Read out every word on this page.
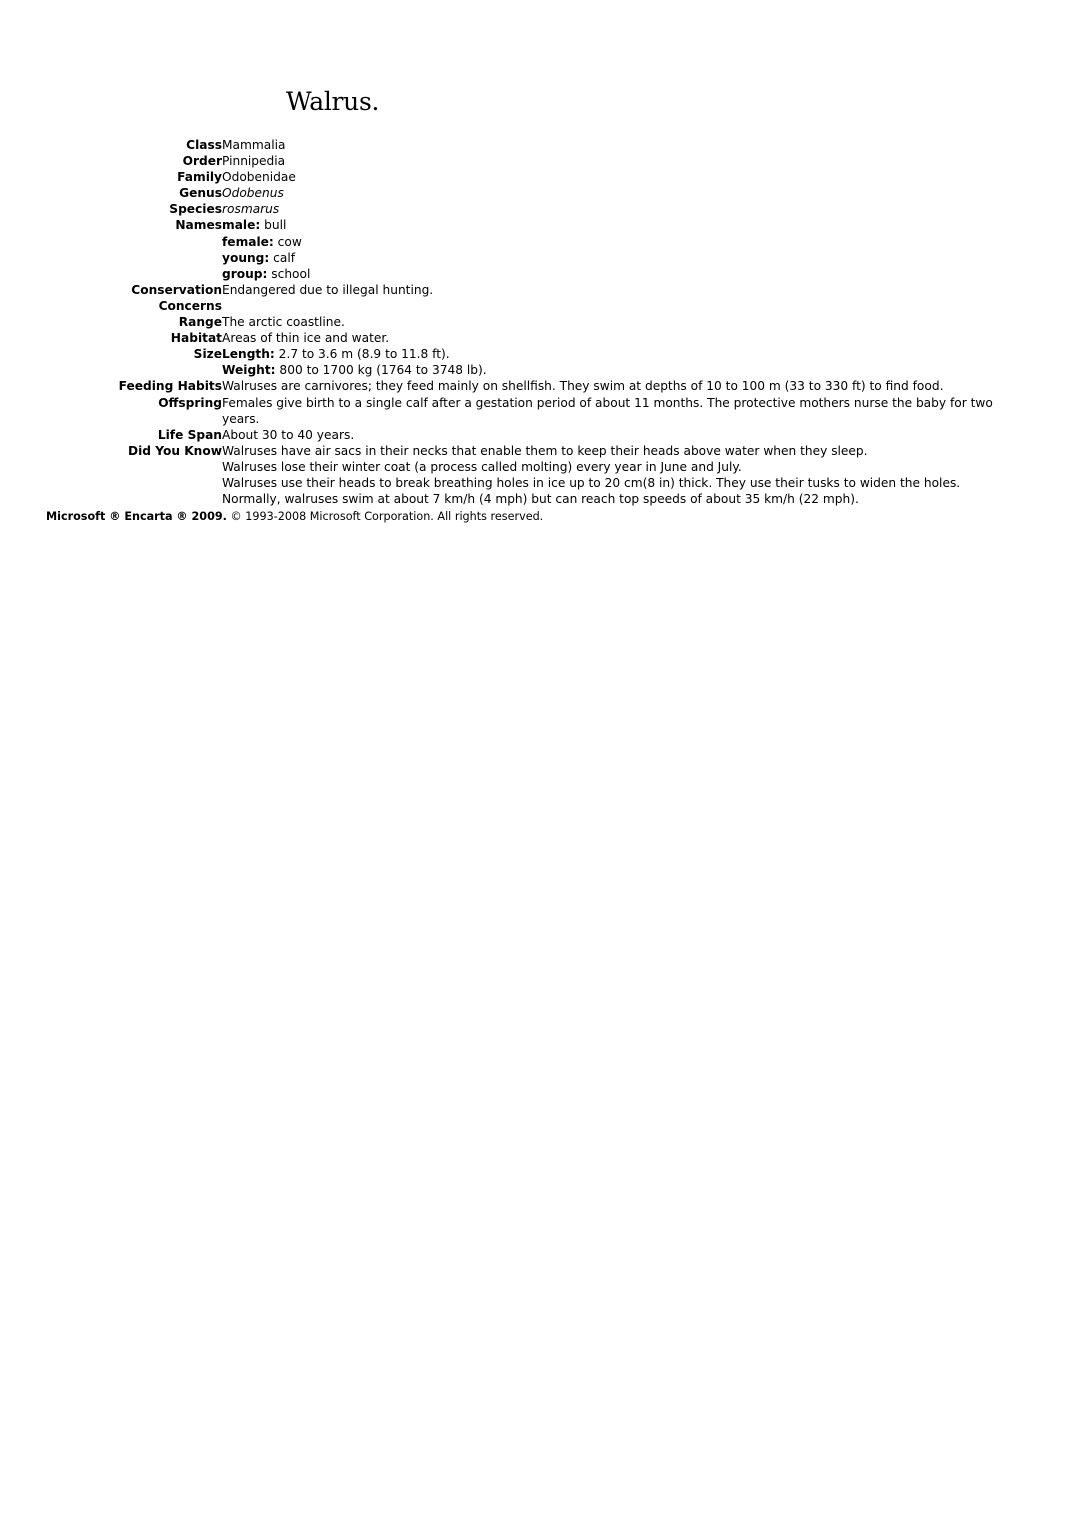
Walrus.
Class Mammalia
Order Pinnipedia
Family Odobenidae
Genus Odobenus
Species rosmarus
Names male: bull
female: cow
young: calf
group: school
Conservation
Concerns
Endangered due to illegal hunting.
Range The arctic coastline.
Habitat Areas of thin ice and water.
Size Length: 2.7 to 3.6 m (8.9 to 11.8 ft).
Weight: 800 to 1700 kg (1764 to 3748 lb).
Feeding Habits Walruses are carnivores; they feed mainly on shellfish. They swim at depths of 10 to 100 m (33 to 330 ft) to find food.
Offspring Females give birth to a single calf after a gestation period of about 11 months. The protective mothers nurse the baby for two years.
Life Span About 30 to 40 years.
Did You Know Walruses have air sacs in their necks that enable them to keep their heads above water when they sleep.
Walruses lose their winter coat (a process called molting) every year in June and July.
Walruses use their heads to break breathing holes in ice up to 20 cm(8 in) thick. They use their tusks to widen the holes.
Normally, walruses swim at about 7 km/h (4 mph) but can reach top speeds of about 35 km/h (22 mph).
Microsoft ® Encarta ® 2009. © 1993-2008 Microsoft Corporation. All rights reserved.
